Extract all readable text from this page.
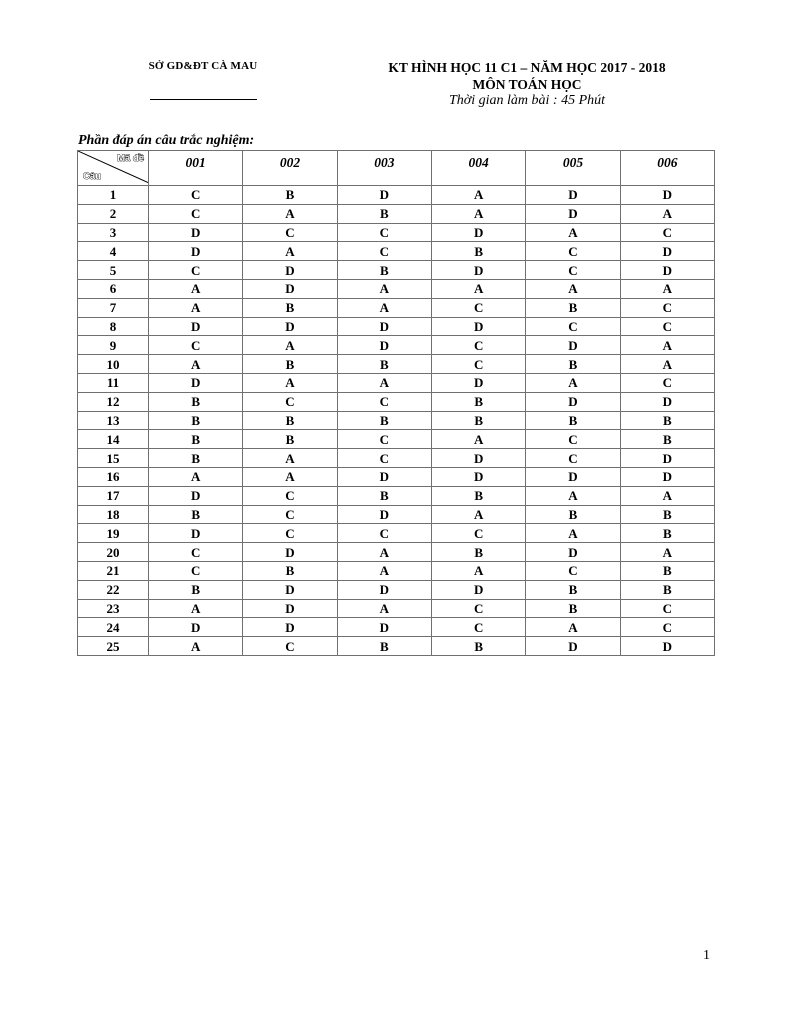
SỞ GD&ĐT CÀ MAU	KT HÌNH HỌC 11 C1 – NĂM HỌC 2017 - 2018
MÔN TOÁN HỌC
Thời gian làm bài : 45 Phút
Phần đáp án câu trắc nghiệm:
Mã đề
Câu	001	002	003	004	005	006
1	C	B	D	A	D	D
2	C	A	B	A	D	A
3	D	C	C	D	A	C
4	D	A	C	B	C	D
5	C	D	B	D	C	D
6	A	D	A	A	A	A
7	A	B	A	C	B	C
8	D	D	D	D	C	C
9	C	A	D	C	D	A
10	A	B	B	C	B	A
11	D	A	A	D	A	C
12	B	C	C	B	D	D
13	B	B	B	B	B	B
14	B	B	C	A	C	B
15	B	A	C	D	C	D
16	A	A	D	D	D	D
17	D	C	B	B	A	A
18	B	C	D	A	B	B
19	D	C	C	C	A	B
20	C	D	A	B	D	A
21	C	B	A	A	C	B
22	B	D	D	D	B	B
23	A	D	A	C	B	C
24	D	D	D	C	A	C
25	A	C	B	B	D	D
1
